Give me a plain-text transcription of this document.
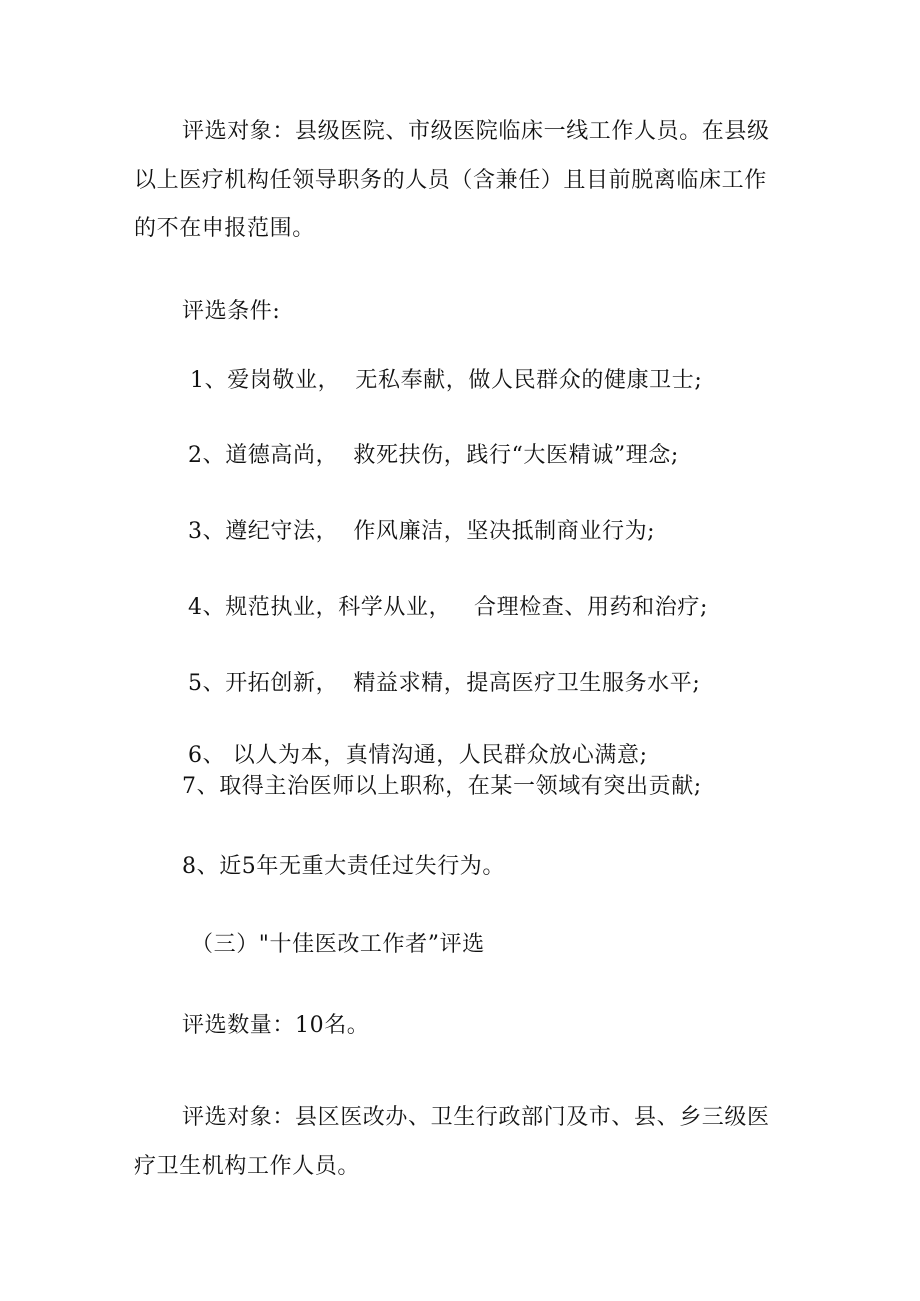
评选对象：县级医院、市级医院临床一线工作人员。在县级
以上医疗机构任领导职务的人员（含兼任）且目前脱离临床工作
的不在申报范围。
评选条件:
1、爱岗敬业，  无私奉献，做人民群众的健康卫士;
2、道德高尚，  救死扶伤，践行“大医精诚”理念;
3、遵纪守法，  作风廉洁，坚决抵制商业行为;
4、规范执业，科学从业，   合理检查、用药和治疗;
5、开拓创新，  精益求精，提高医疗卫生服务水平;
6、 以人为本，真情沟通，人民群众放心满意;
7、取得主治医师以上职称，在某一领域有突出贡献;
8、近5年无重大责任过失行为。
（三）"十佳医改工作者”评选
评选数量：10名。
评选对象：县区医改办、卫生行政部门及市、县、乡三级医
疗卫生机构工作人员。
